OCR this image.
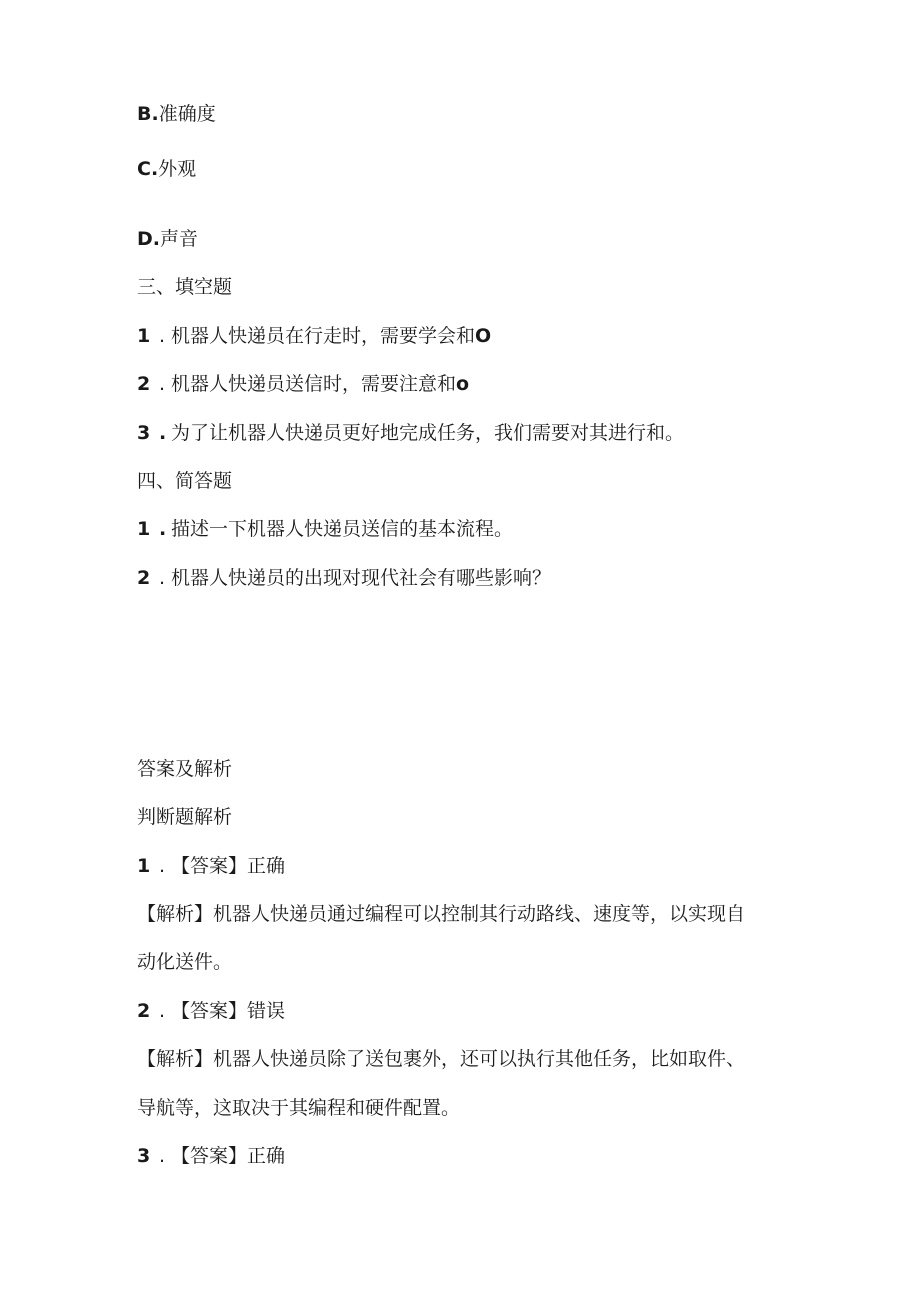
B.准确度
C.外观
D.声音
三、填空题
1 . 机器人快递员在行走时，需要学会和O
2 . 机器人快递员送信时，需要注意和o
3 . 为了让机器人快递员更好地完成任务，我们需要对其进行和。
四、简答题
1 . 描述一下机器人快递员送信的基本流程。
2 . 机器人快递员的出现对现代社会有哪些影响？
答案及解析
判断题解析
1 . 【答案】正确
【解析】机器人快递员通过编程可以控制其行动路线、速度等，以实现自
动化送件。
2 . 【答案】错误
【解析】机器人快递员除了送包裹外，还可以执行其他任务，比如取件、
导航等，这取决于其编程和硬件配置。
3 . 【答案】正确
